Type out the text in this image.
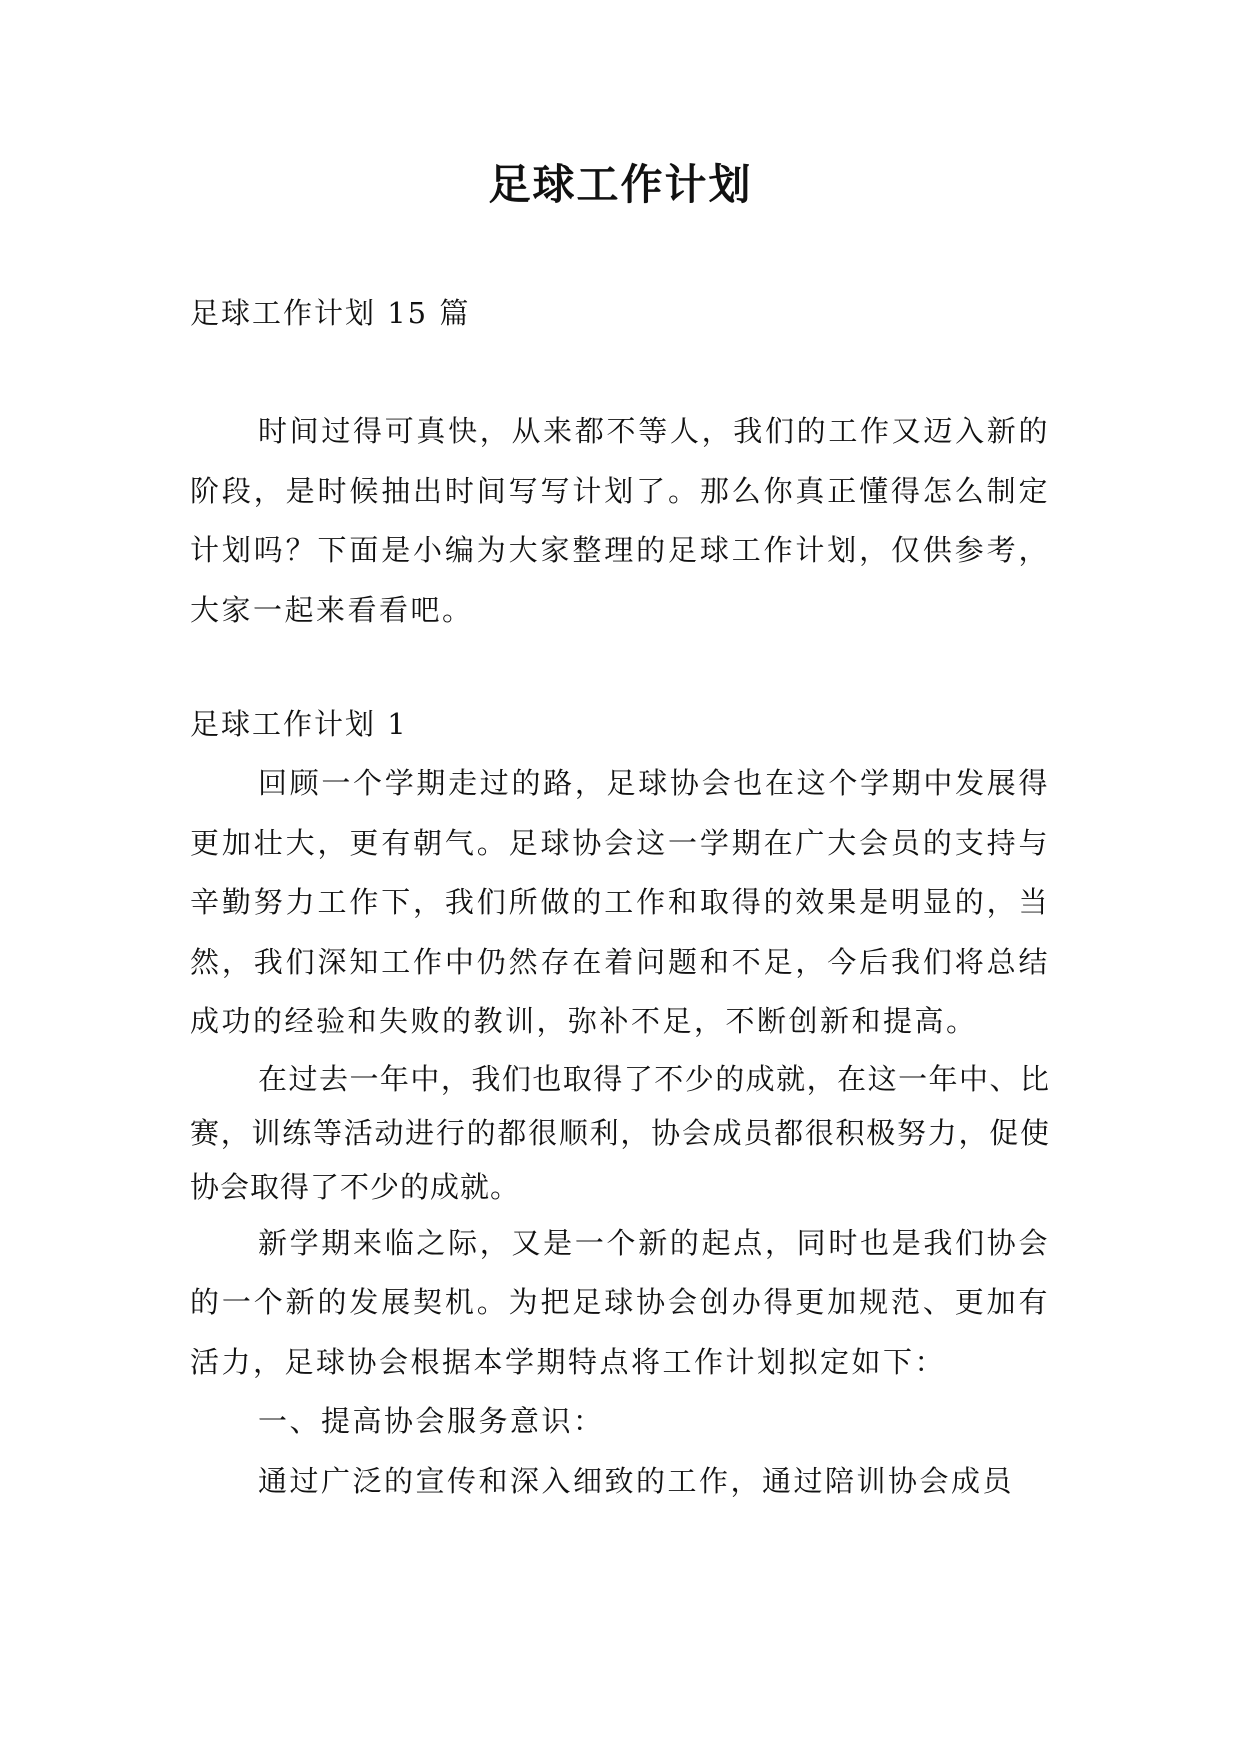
足球工作计划
足球工作计划 15 篇

时间过得可真快，从来都不等人，我们的工作又迈入新的阶段，是时候抽出时间写写计划了。那么你真正懂得怎么制定计划吗？下面是小编为大家整理的足球工作计划，仅供参考，大家一起来看看吧。

足球工作计划 1

回顾一个学期走过的路，足球协会也在这个学期中发展得更加壮大，更有朝气。足球协会这一学期在广大会员的支持与辛勤努力工作下，我们所做的工作和取得的效果是明显的，当然，我们深知工作中仍然存在着问题和不足，今后我们将总结成功的经验和失败的教训，弥补不足，不断创新和提高。

在过去一年中，我们也取得了不少的成就，在这一年中、比赛，训练等活动进行的都很顺利，协会成员都很积极努力，促使协会取得了不少的成就。

新学期来临之际，又是一个新的起点，同时也是我们协会的一个新的发展契机。为把足球协会创办得更加规范、更加有活力，足球协会根据本学期特点将工作计划拟定如下：

一、提高协会服务意识：

通过广泛的宣传和深入细致的工作，通过陪训协会成员
